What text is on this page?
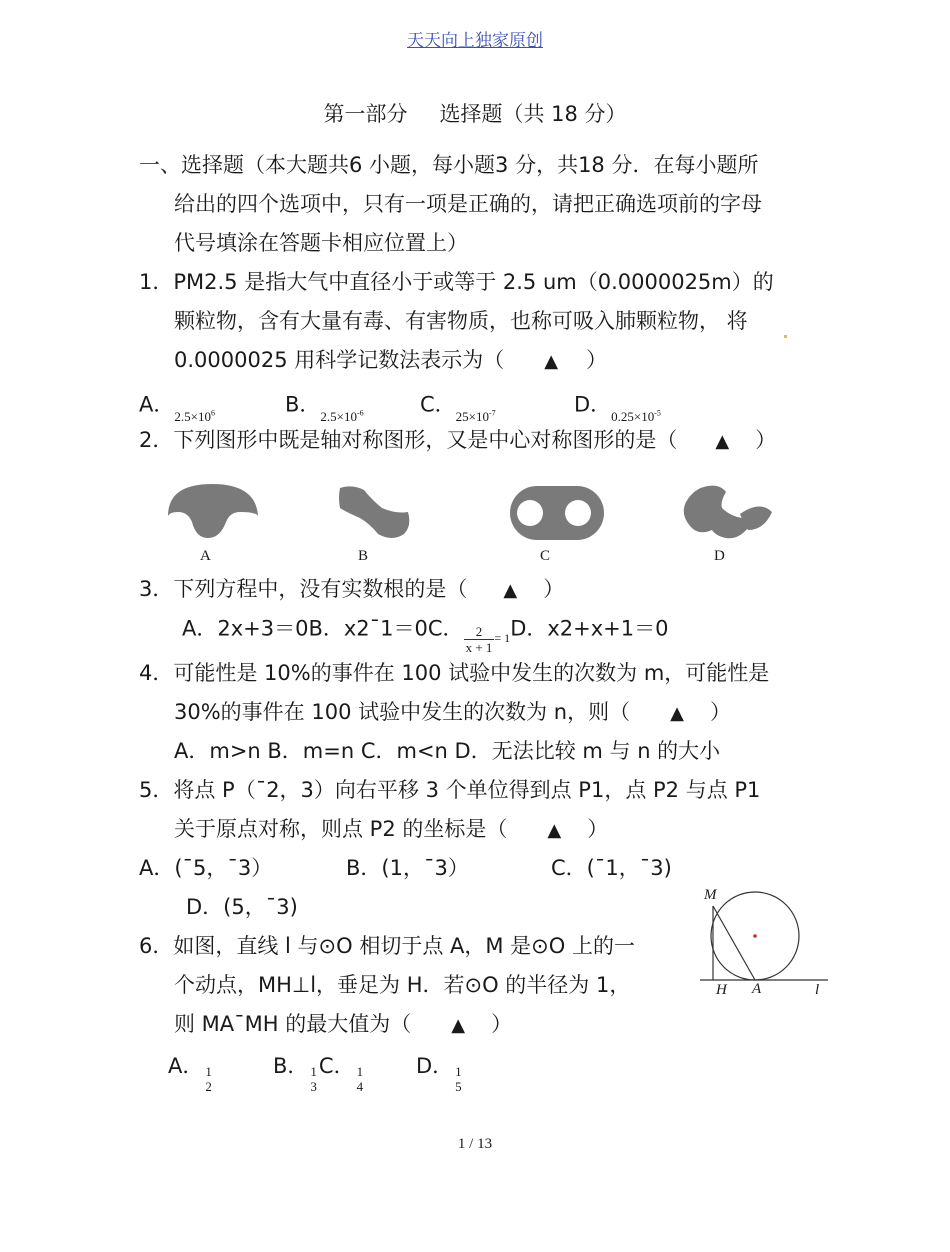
天天向上独家原创
第一部分 选择题（共 18 分）
一、选择题（本大题共6 小题，每小题3 分，共18 分．在每小题所
给出的四个选项中，只有一项是正确的，请把正确选项前的字母
代号填涂在答题卡相应位置上）
1．PM2.5 是指大气中直径小于或等于 2.5 um（0.0000025m）的
颗粒物，含有大量有毒、有害物质，也称可吸入肺颗粒物， 将
0.0000025 用科学记数法表示为（ ▲ ）
A．$_{2.5\times 10^6}$	B．$_{2.5\times 10^{-6}}$	C．$_{25\times 10^{-7}}$	D．$_{0.25\times 10^{-5}}$
2．下列图形中既是轴对称图形，又是中心对称图形的是（ ▲ ）
A	B	C	D
3．下列方程中，没有实数根的是（ ▲ ）
A．2x+3＝0B．x2¯1＝0C． $\frac{2}{x + 1} _{= 1}D$．x2+x+1＝0
4．可能性是 10%的事件在 100 试验中发生的次数为 m，可能性是
30%的事件在 100 试验中发生的次数为 n，则（ ▲ ）
A．m>n B．m=n C．m<n D．无法比较 m 与 n 的大小
5．将点 P（¯2，3）向右平移 3 个单位得到点 P1，点 P2 与点 P1
关于原点对称，则点 P2 的坐标是（ ▲ ）
A．(¯5，¯3）	B．(1，¯3）	C．(¯1，¯3)
D．(5，¯3)
6．如图，直线 l 与⊙O 相切于点 A，M 是⊙O 上的一
个动点，MH⊥l，垂足为 H．若⊙O 的半径为 1，
则 MA¯MH 的最大值为（ ▲ ）
A． 1
2
B． 1
3
C． 1
4
D． 1
5
M
H A	l
1 / 13
